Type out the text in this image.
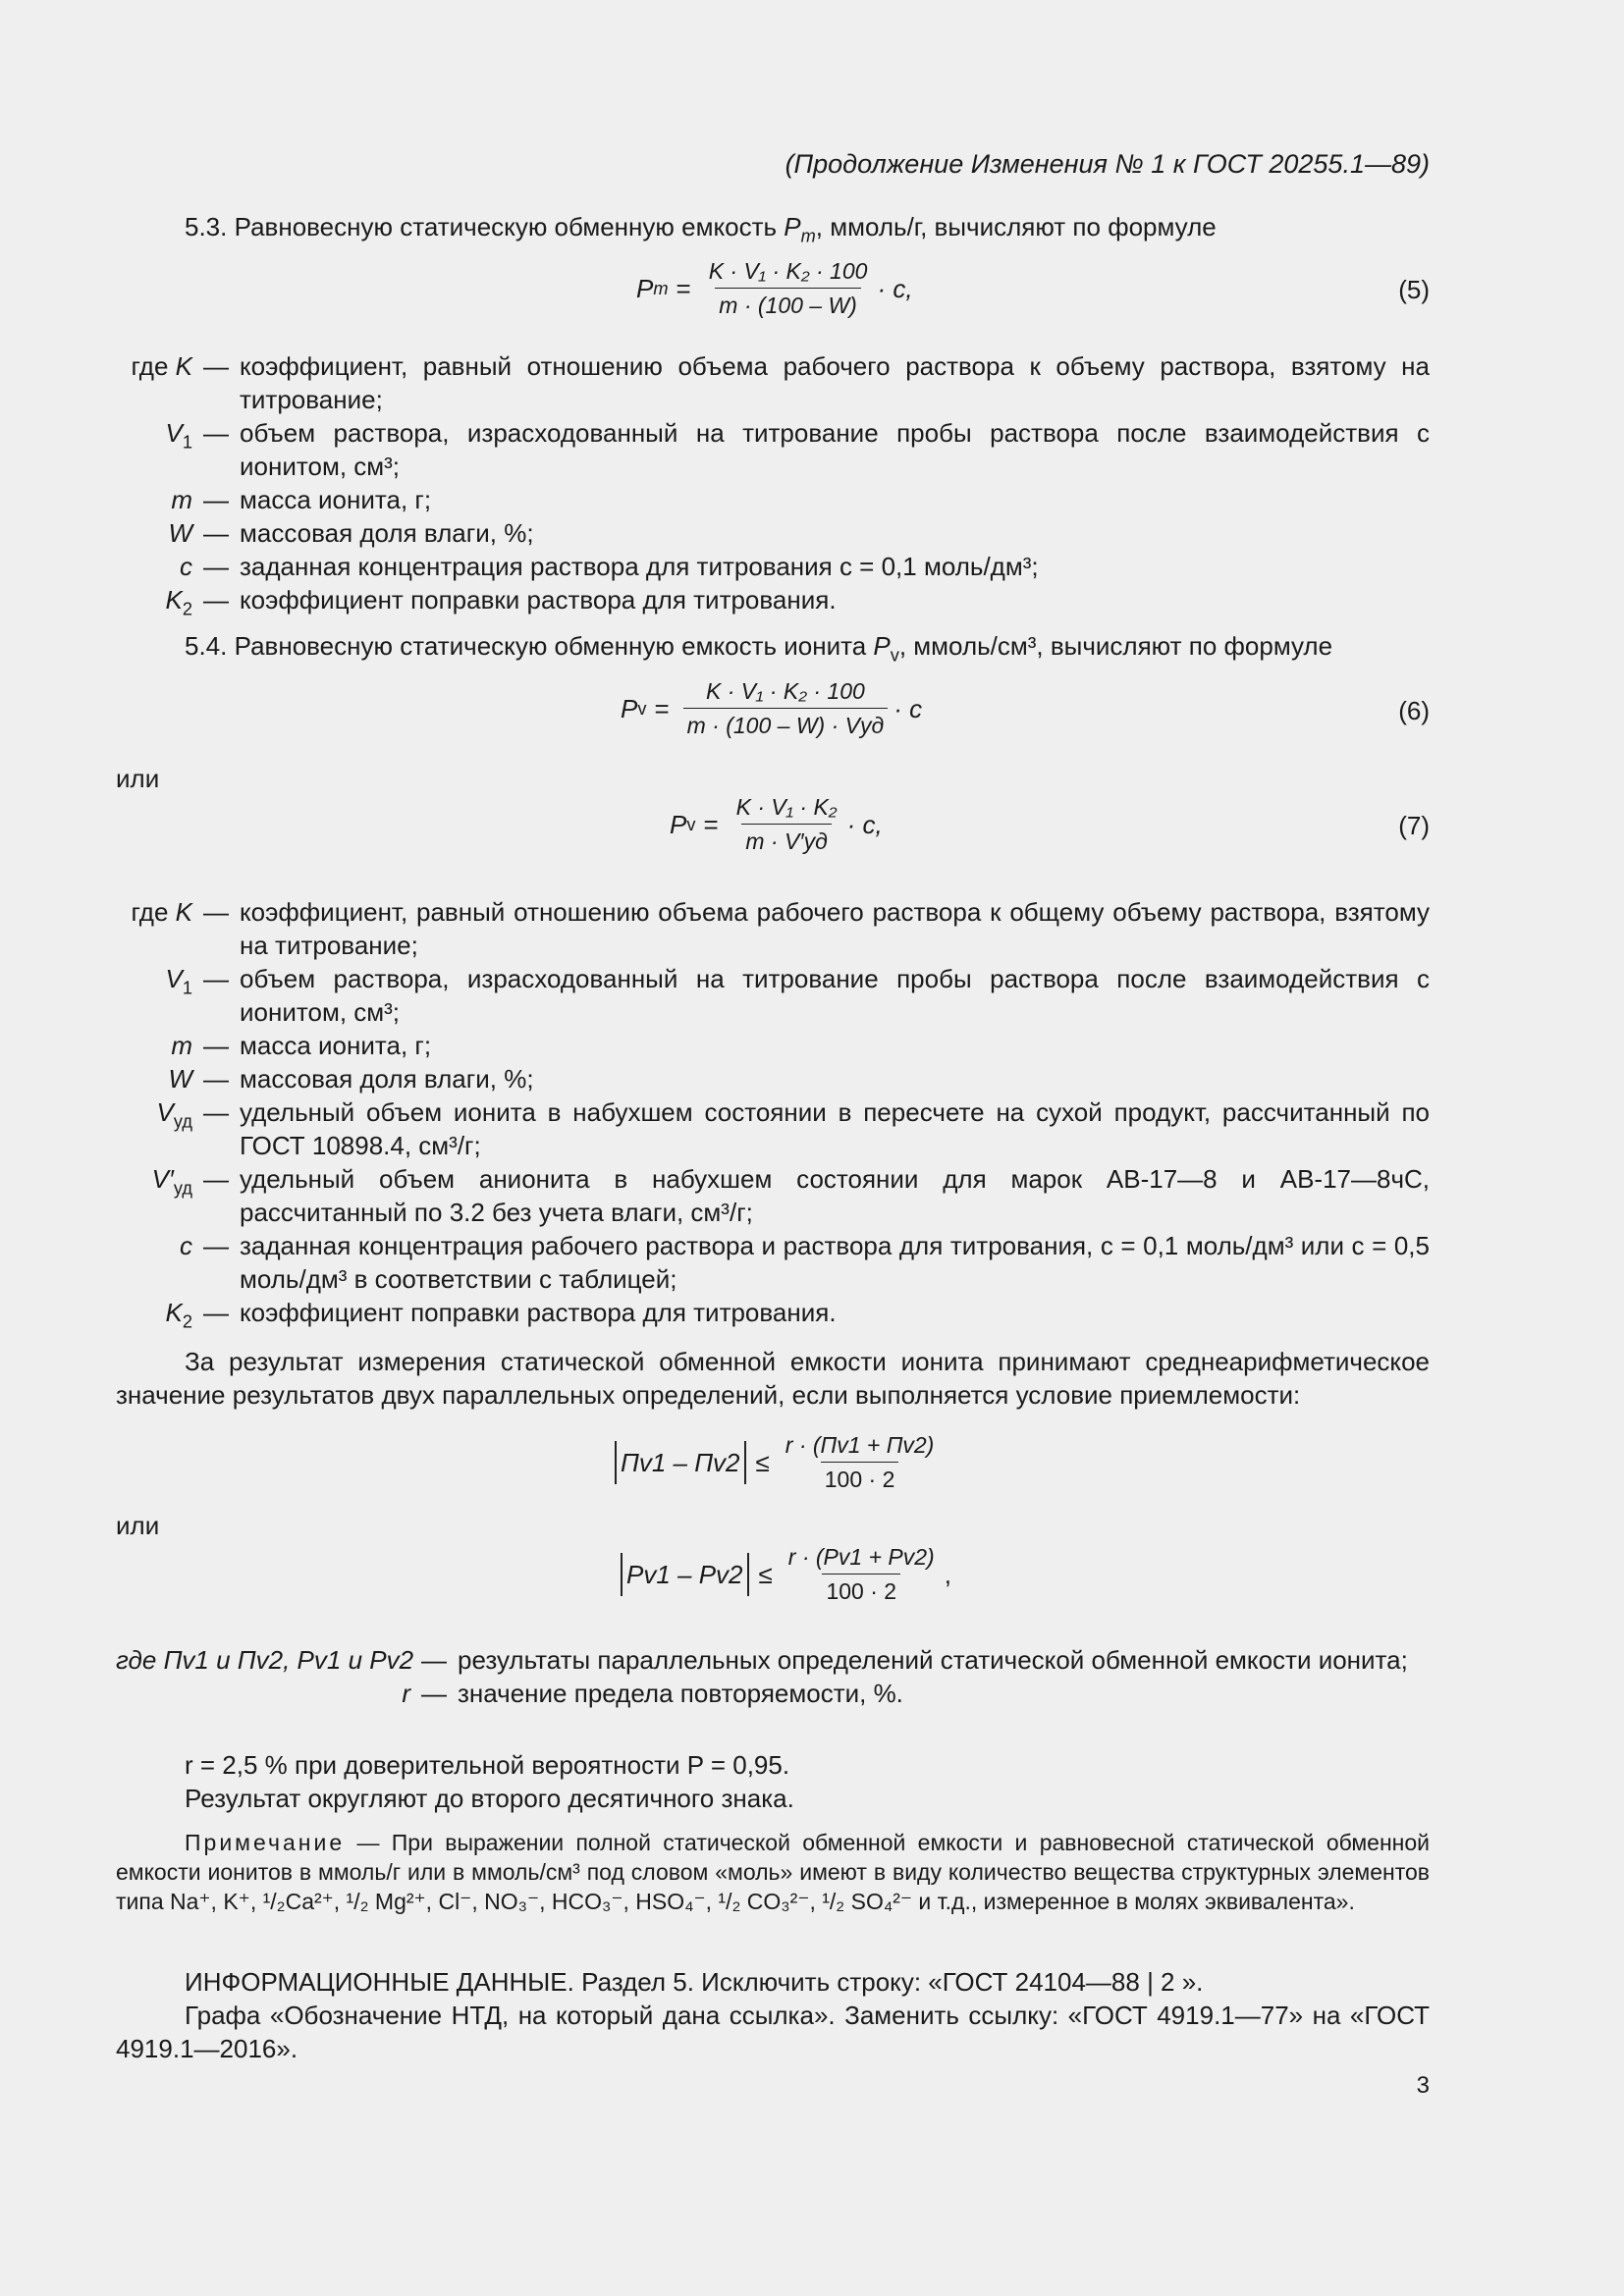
(Продолжение Изменения № 1 к ГОСТ 20255.1—89)
5.3. Равновесную статическую обменную емкость $P_m$, ммоль/г, вычисляют по формуле
P $m = \frac{\text{K · V₁ · K₂ · 100}}{m \cdot (100 - W)} \cdot c$,	(5)
где K — коэффициент, равный отношению объема рабочего раствора к объему раствора, взятому на титрование;
$V_1$ — объем раствора, израсходованный на титрование пробы раствора после взаимодействия с ионитом, см³;
m — масса ионита, г;
W — массовая доля влаги, %;
c — заданная концентрация раствора для титрования c = 0,1 моль/дм³;
$K_2$ — коэффициент поправки раствора для титрования.
5.4. Равновесную статическую обменную емкость ионита $P_v$, ммоль/см³, вычисляют по формуле
P $v = \frac{\text{K · V₁ · K₂ · 100}}{\text{m · (100 – W) · Vуд}} \cdot c$	(6)
или
P $v = \frac{\text{K · V₁ · K₂}}{m \cdot V'уд} \cdot c$,	(7)
где K — коэффициент, равный отношению объема рабочего раствора к общему объему раствора, взятому на титрование;
$V_1$ — объем раствора, израсходованный на титрование пробы раствора после взаимодействия с ионитом, см³;
m — масса ионита, г;
W — массовая доля влаги, %;
$V_{уд}$ — удельный объем ионита в набухшем состоянии в пересчете на сухой продукт, рассчитанный по ГОСТ 10898.4, см³/г;
$V'_{уд}$ — удельный объем анионита в набухшем состоянии для марок АВ-17—8 и АВ-17—8чС, рассчитанный по 3.2 без учета влаги, см³/г;
c — заданная концентрация рабочего раствора и раствора для титрования, c = 0,1 моль/дм³ или c = 0,5 моль/дм³ в соответствии с таблицей;
$K_2$ — коэффициент поправки раствора для титрования.
За результат измерения статической обменной емкости ионита принимают среднеарифметическое значение результатов двух параллельных определений, если выполняется условие приемлемости:
$Пv1 - Пv2 \le \frac{r \cdot (Пv1 + Пv2)}{100 \cdot 2}$
или
$Pv1 - Pv2 \le \frac{r \cdot (Pv1 + Pv2)}{100 \cdot 2}$ ,
где Пv1 и Пv2, Pv1 и Pv2 — результаты параллельных определений статической обменной емкости ионита;
r — значение предела повторяемости, %.
r = 2,5 % при доверительной вероятности P = 0,95.
Результат округляют до второго десятичного знака.
Примечание — При выражении полной статической обменной емкости и равновесной статической обменной емкости ионитов в ммоль/г или в ммоль/см³ под словом «моль» имеют в виду количество вещества структурных элементов типа Na⁺, K⁺, ¹/₂Ca²⁺, ¹/₂ Mg²⁺, Cl⁻, NO₃⁻, HCO₃⁻, HSO₄⁻, ¹/₂ CO₃²⁻, ¹/₂ SO₄²⁻ и т.д., измеренное в молях эквивалента».
ИНФОРМАЦИОННЫЕ ДАННЫЕ. Раздел 5. Исключить строку: «ГОСТ 24104—88 | 2 ».
Графа «Обозначение НТД, на который дана ссылка». Заменить ссылку: «ГОСТ 4919.1—77» на «ГОСТ 4919.1—2016».
3
